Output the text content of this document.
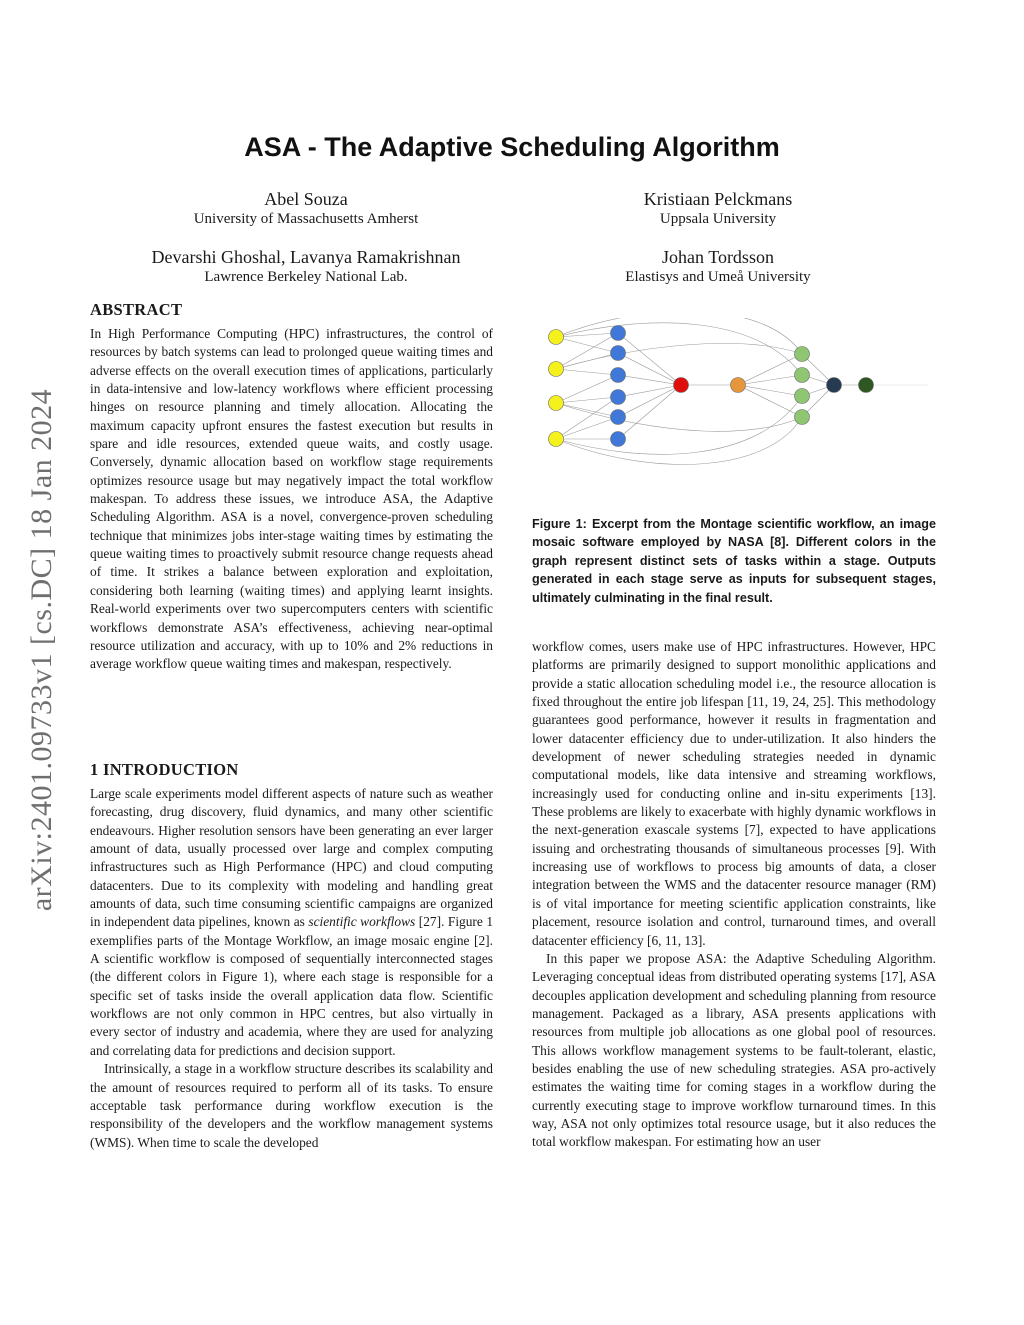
arXiv:2401.09733v1 [cs.DC] 18 Jan 2024
ASA - The Adaptive Scheduling Algorithm
Abel Souza
University of Massachusetts Amherst
Kristiaan Pelckmans
Uppsala University
Devarshi Ghoshal, Lavanya Ramakrishnan
Lawrence Berkeley National Lab.
Johan Tordsson
Elastisys and Umeå University
ABSTRACT

In High Performance Computing (HPC) infrastructures, the control of resources by batch systems can lead to prolonged queue waiting times and adverse effects on the overall execution times of applications, particularly in data-intensive and low-latency workflows where efficient processing hinges on resource planning and timely allocation. Allocating the maximum capacity upfront ensures the fastest execution but results in spare and idle resources, extended queue waits, and costly usage. Conversely, dynamic allocation based on workflow stage requirements optimizes resource usage but may negatively impact the total workflow makespan. To address these issues, we introduce ASA, the Adaptive Scheduling Algorithm. ASA is a novel, convergence-proven scheduling technique that minimizes jobs inter-stage waiting times by estimating the queue waiting times to proactively submit resource change requests ahead of time. It strikes a balance between exploration and exploitation, considering both learning (waiting times) and applying learnt insights. Real-world experiments over two supercomputers centers with scientific workflows demonstrate ASA’s effectiveness, achieving near-optimal resource utilization and accuracy, with up to 10% and 2% reductions in average workflow queue waiting times and makespan, respectively.

1 INTRODUCTION

Large scale experiments model different aspects of nature such as weather forecasting, drug discovery, fluid dynamics, and many other scientific endeavours. Higher resolution sensors have been generating an ever larger amount of data, usually processed over large and complex computing infrastructures such as High Performance (HPC) and cloud computing datacenters. Due to its complexity with modeling and handling great amounts of data, such time consuming scientific campaigns are organized in independent data pipelines, known as scientific workflows [27]. Figure 1 exemplifies parts of the Montage Workflow, an image mosaic engine [2]. A scientific workflow is composed of sequentially interconnected stages (the different colors in Figure 1), where each stage is responsible for a specific set of tasks inside the overall application data flow. Scientific workflows are not only common in HPC centres, but also virtually in every sector of industry and academia, where they are used for analyzing and correlating data for predictions and decision support.

Intrinsically, a stage in a workflow structure describes its scalability and the amount of resources required to perform all of its tasks. To ensure acceptable task performance during workflow execution is the responsibility of the developers and the workflow management systems (WMS). When time to scale the developed

Figure 1: Excerpt from the Montage scientific workflow, an image mosaic software employed by NASA [8]. Different colors in the graph represent distinct sets of tasks within a stage. Outputs generated in each stage serve as inputs for subsequent stages, ultimately culminating in the final result.

workflow comes, users make use of HPC infrastructures. However, HPC platforms are primarily designed to support monolithic applications and provide a static allocation scheduling model i.e., the resource allocation is fixed throughout the entire job lifespan [11, 19, 24, 25]. This methodology guarantees good performance, however it results in fragmentation and lower datacenter efficiency due to under-utilization. It also hinders the development of newer scheduling strategies needed in dynamic computational models, like data intensive and streaming workflows, increasingly used for conducting online and in-situ experiments [13]. These problems are likely to exacerbate with highly dynamic workflows in the next-generation exascale systems [7], expected to have applications issuing and orchestrating thousands of simultaneous processes [9]. With increasing use of workflows to process big amounts of data, a closer integration between the WMS and the datacenter resource manager (RM) is of vital importance for meeting scientific application constraints, like placement, resource isolation and control, turnaround times, and overall datacenter efficiency [6, 11, 13].

In this paper we propose ASA: the Adaptive Scheduling Algorithm. Leveraging conceptual ideas from distributed operating systems [17], ASA decouples application development and scheduling planning from resource management. Packaged as a library, ASA presents applications with resources from multiple job allocations as one global pool of resources. This allows workflow management systems to be fault-tolerant, elastic, besides enabling the use of new scheduling strategies. ASA pro-actively estimates the waiting time for coming stages in a workflow during the currently executing stage to improve workflow turnaround times. In this way, ASA not only optimizes total resource usage, but it also reduces the total workflow makespan. For estimating how an user
